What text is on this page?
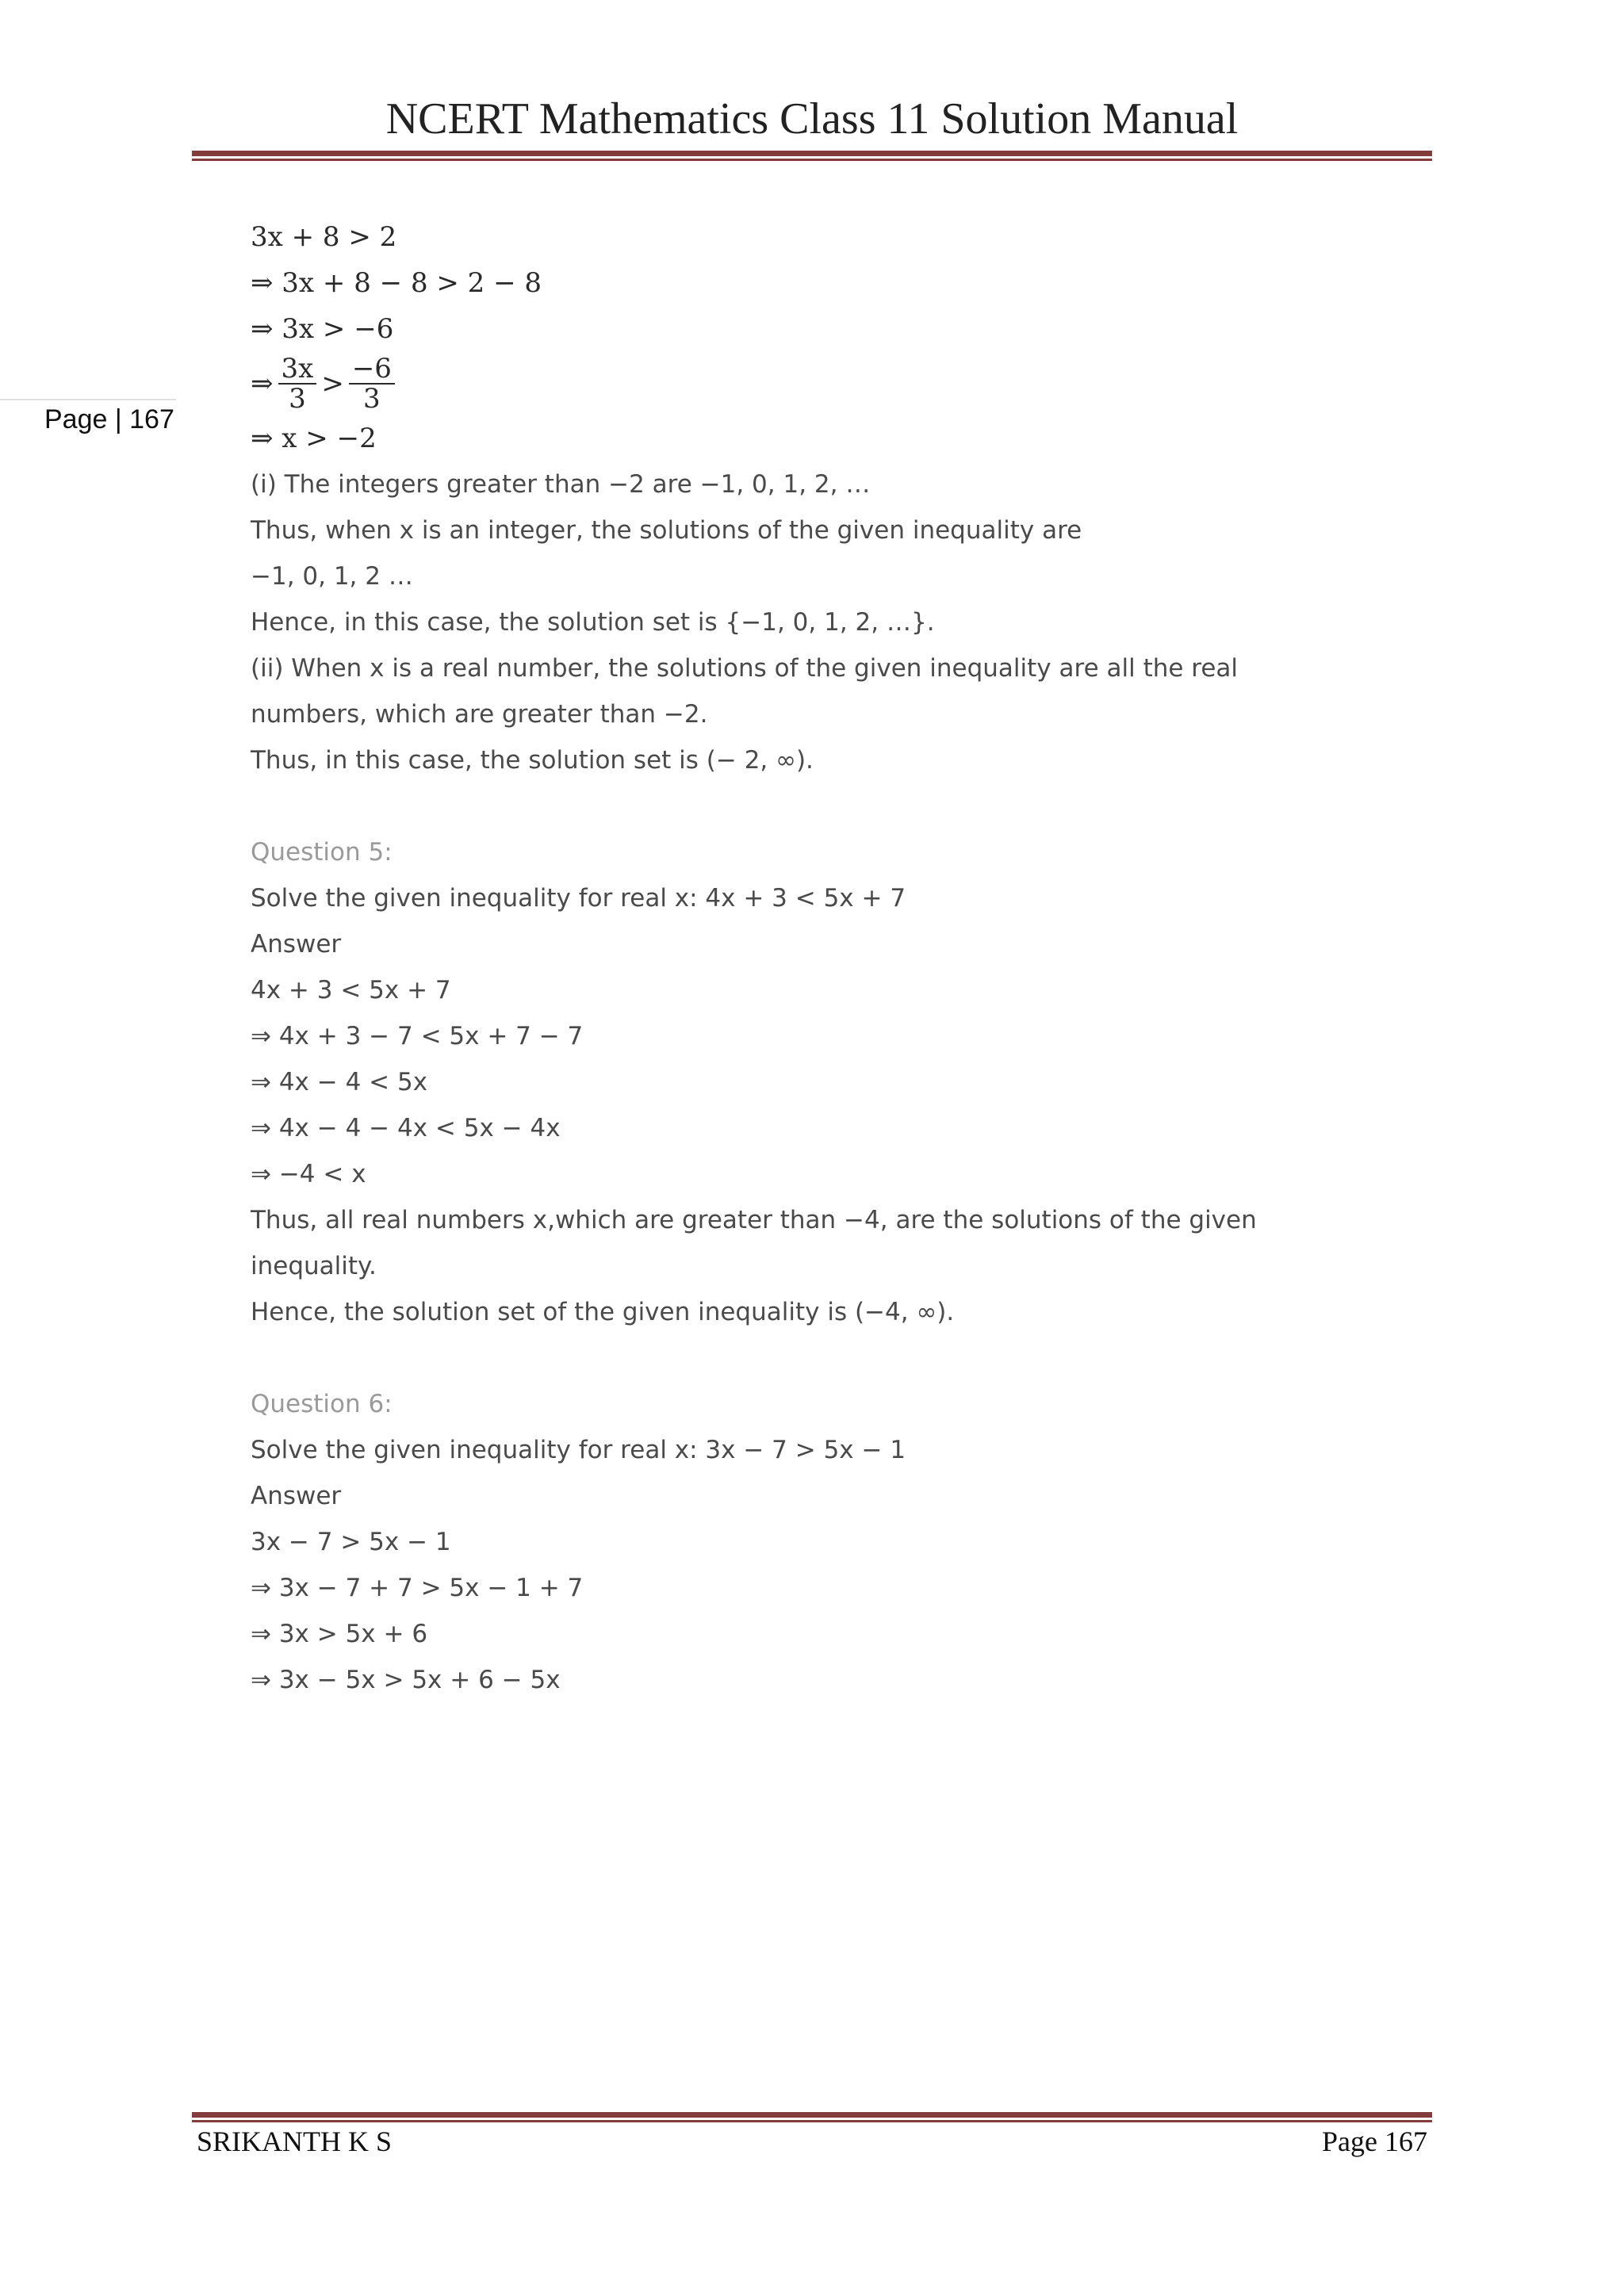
NCERT Mathematics Class 11 Solution Manual
Page | 167
3x + 8 > 2
⇒ 3x + 8 − 8 > 2 − 8
⇒ 3x > −6
⇒ $\frac{3x}{3} > \frac{-6}{3}$
⇒ x > −2
(i) The integers greater than −2 are −1, 0, 1, 2, …
Thus, when x is an integer, the solutions of the given inequality are
−1, 0, 1, 2 …
Hence, in this case, the solution set is {−1, 0, 1, 2, …}.
(ii) When x is a real number, the solutions of the given inequality are all the real
numbers, which are greater than −2.
Thus, in this case, the solution set is (− 2, ∞).
Question 5:
Solve the given inequality for real x: 4x + 3 < 5x + 7
Answer
4x + 3 < 5x + 7
⇒ 4x + 3 − 7 < 5x + 7 − 7
⇒ 4x − 4 < 5x
⇒ 4x − 4 − 4x < 5x − 4x
⇒ −4 < x
Thus, all real numbers x,which are greater than −4, are the solutions of the given
inequality.
Hence, the solution set of the given inequality is (−4, ∞).
Question 6:
Solve the given inequality for real x: 3x − 7 > 5x − 1
Answer
3x − 7 > 5x − 1
⇒ 3x − 7 + 7 > 5x − 1 + 7
⇒ 3x > 5x + 6
⇒ 3x − 5x > 5x + 6 − 5x
SRIKANTH K S	Page 167
